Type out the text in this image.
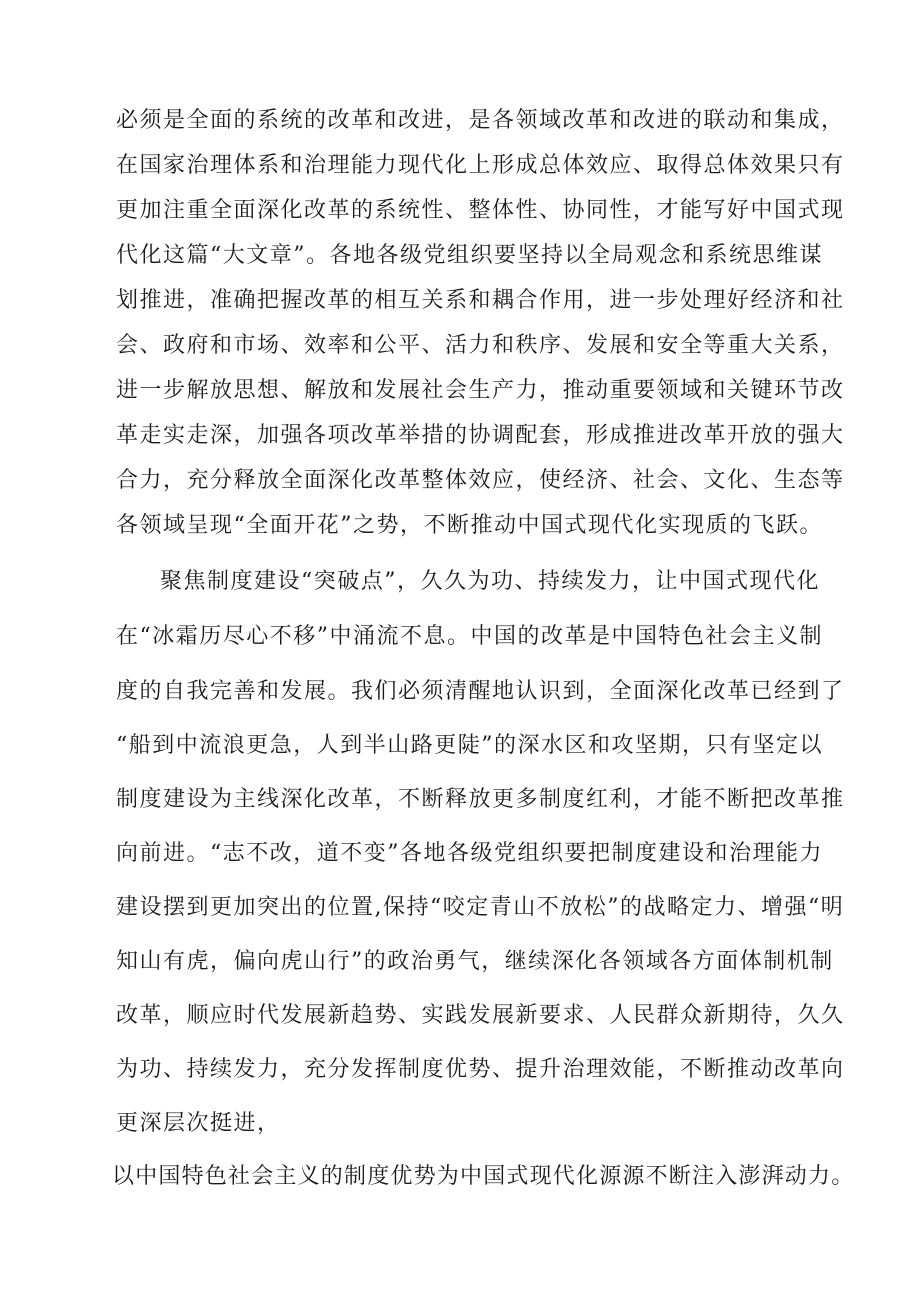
必须是全面的系统的改革和改进，是各领域改革和改进的联动和集成，
在国家治理体系和治理能力现代化上形成总体效应、取得总体效果只有
更加注重全面深化改革的系统性、整体性、协同性，才能写好中国式现
代化这篇“大文章”。各地各级党组织要坚持以全局观念和系统思维谋
划推进，准确把握改革的相互关系和耦合作用，进一步处理好经济和社
会、政府和市场、效率和公平、活力和秩序、发展和安全等重大关系，
进一步解放思想、解放和发展社会生产力，推动重要领域和关键环节改
革走实走深，加强各项改革举措的协调配套，形成推进改革开放的强大
合力，充分释放全面深化改革整体效应，使经济、社会、文化、生态等
各领域呈现“全面开花”之势，不断推动中国式现代化实现质的飞跃。
聚焦制度建设“突破点”，久久为功、持续发力，让中国式现代化
在“冰霜历尽心不移”中涌流不息。中国的改革是中国特色社会主义制
度的自我完善和发展。我们必须清醒地认识到，全面深化改革已经到了
“船到中流浪更急，人到半山路更陡”的深水区和攻坚期，只有坚定以
制度建设为主线深化改革，不断释放更多制度红利，才能不断把改革推
向前进。“志不改，道不变”各地各级党组织要把制度建设和治理能力
建设摆到更加突出的位置,保持“咬定青山不放松”的战略定力、增强“明
知山有虎，偏向虎山行”的政治勇气，继续深化各领域各方面体制机制
改革，顺应时代发展新趋势、实践发展新要求、人民群众新期待，久久
为功、持续发力，充分发挥制度优势、提升治理效能，不断推动改革向
更深层次挺进，
以中国特色社会主义的制度优势为中国式现代化源源不断注入澎湃动力。
